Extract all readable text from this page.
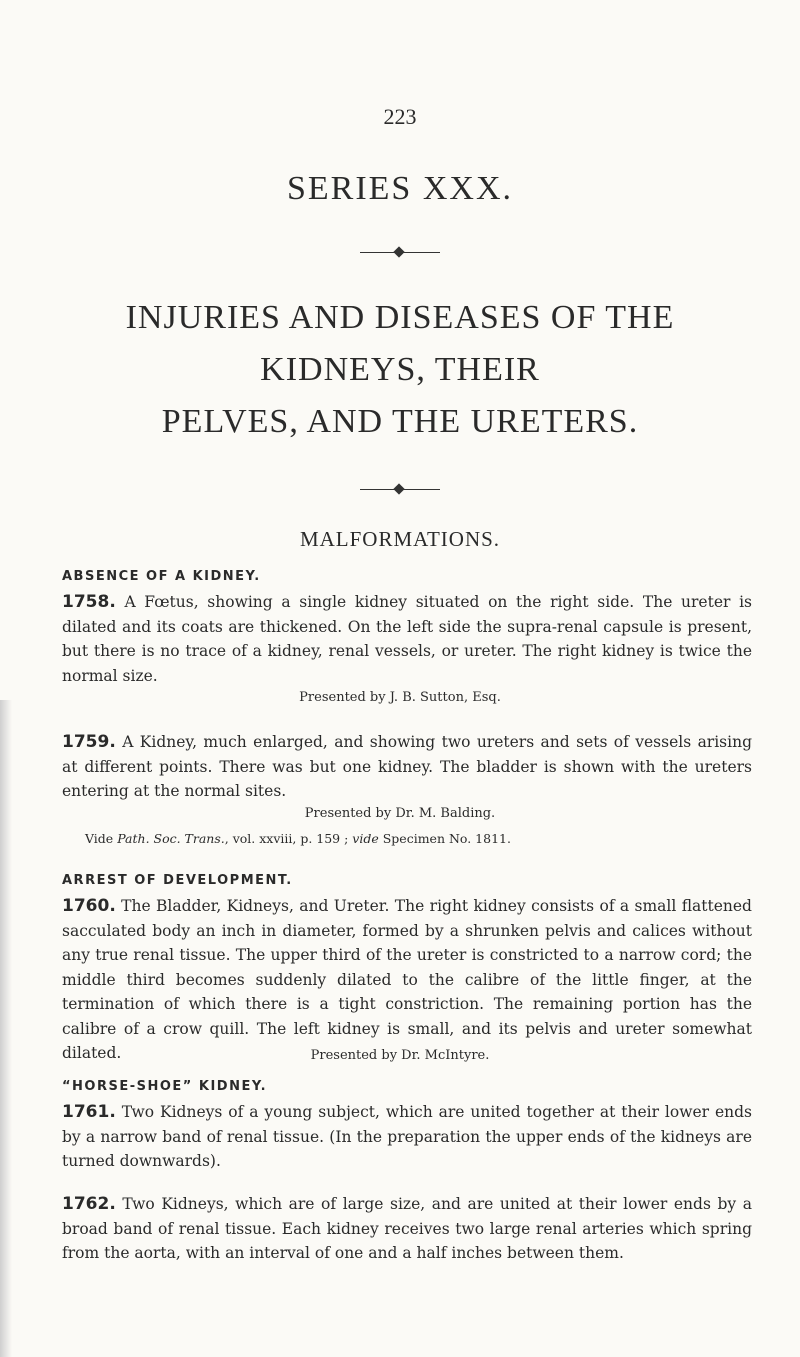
223
SERIES XXX.
INJURIES AND DISEASES OF THE KIDNEYS, THEIR
PELVES, AND THE URETERS.
MALFORMATIONS.
ABSENCE OF A KIDNEY.
1758. A Fœtus, showing a single kidney situated on the right side. The ureter is dilated and its coats are thickened. On the left side the supra-renal capsule is present, but there is no trace of a kidney, renal vessels, or ureter. The right kidney is twice the normal size.
Presented by J. B. Sutton, Esq.
1759. A Kidney, much enlarged, and showing two ureters and sets of vessels arising at different points. There was but one kidney. The bladder is shown with the ureters entering at the normal sites.
Presented by Dr. M. Balding.
Vide Path. Soc. Trans., vol. xxviii, p. 159 ; vide Specimen No. 1811.
ARREST OF DEVELOPMENT.
1760. The Bladder, Kidneys, and Ureter. The right kidney consists of a small flattened sacculated body an inch in diameter, formed by a shrunken pelvis and calices without any true renal tissue. The upper third of the ureter is constricted to a narrow cord; the middle third becomes suddenly dilated to the calibre of the little finger, at the termination of which there is a tight constriction. The remaining portion has the calibre of a crow quill. The left kidney is small, and its pelvis and ureter somewhat dilated.	Presented by Dr. McIntyre.
“HORSE-SHOE” KIDNEY.
1761. Two Kidneys of a young subject, which are united together at their lower ends by a narrow band of renal tissue. (In the preparation the upper ends of the kidneys are turned downwards).
1762. Two Kidneys, which are of large size, and are united at their lower ends by a broad band of renal tissue. Each kidney receives two large renal arteries which spring from the aorta, with an interval of one and a half inches between them.
